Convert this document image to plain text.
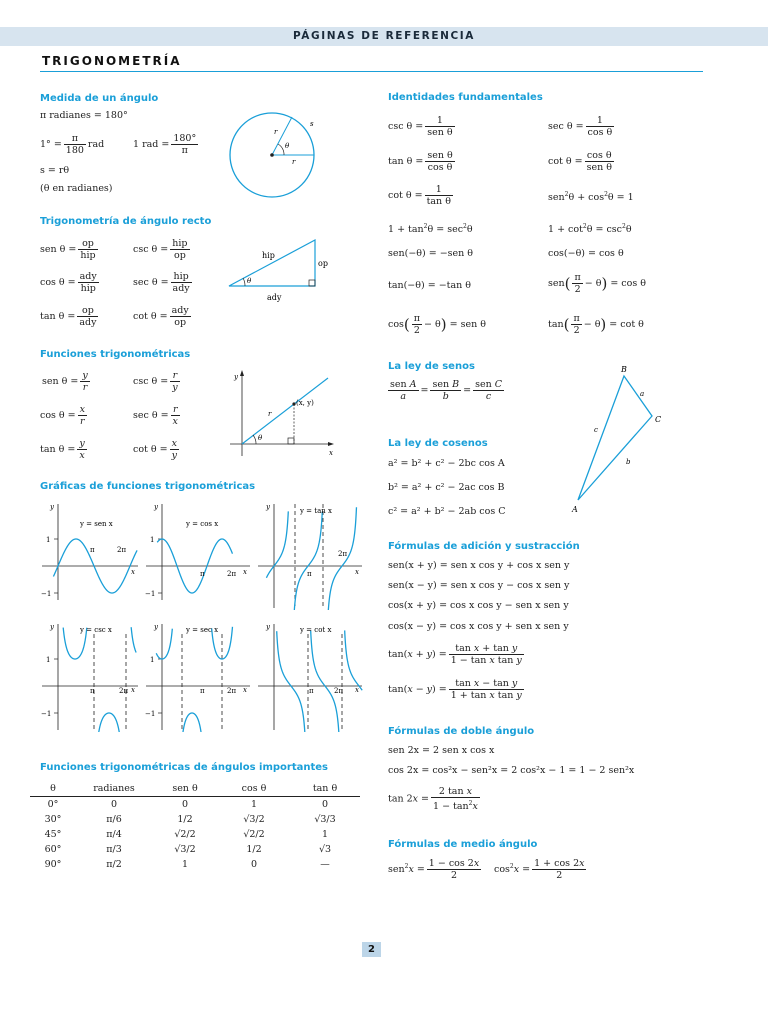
PÁGINAS DE REFERENCIA
TRIGONOMETRÍA
Medida de un ángulo
π radianes = 180°
$1^\circ = \frac{\pi}{180}$ rad	1 rad = $\frac{180^\circ}{\pi}$
s = rθ
(θ en radianes)
θ
r
r
s
Trigonometría de ángulo recto
sen $\theta = \frac{op}{\text{hip}}$	$\csc \theta = \frac{\text{hip}}{op}$
$\cos \theta = \frac{\text{ady}}{\text{hip}}$	$\sec \theta = \frac{\text{hip}}{\text{ady}}$
$\tan \theta = \frac{op}{\text{ady}}$	$\cot \theta = \frac{\text{ady}}{op}$
θ
hip
op
ady
Funciones trigonométricas
sen $\theta = \frac{y}{r}$	$\csc \theta = \frac{r}{y}$
$\cos \theta = \frac{x}{r}$	$\sec \theta = \frac{r}{x}$
$\tan \theta = \frac{y}{x}$	$\cot \theta = \frac{x}{y}$	θ
r
(x, y)
y
x
Gráficas de funciones trigonométricas
y
x
1
−1
π	2π
y = sen x
y
x
1
−1
π	2π
y = cos x
y
x
π
2π
y = tan x
y
x
1
−1
π	2π
y = csc x	y
x
1
−1
π	2π
y = sec x	y
x
π	2π
y = cot x
Funciones trigonométricas de ángulos importantes
θ	radianes	sen θ	cos θ	tan θ
0°	0	0	1	0
30°	π/6	1/2	√3/2	√3/3
45°	π/4	√2/2	√2/2	1
60°	π/3	√3/2	1/2	√3
90°	π/2	1	0	—
Identidades fundamentales
$\csc \theta = \frac{1}{\text{sen θ}}$	$\sec \theta = \frac{1}{\text{cos θ}}$
$\tan \theta = \frac{\text{sen θ}}{\text{cos θ}}$	$\cot \theta = \frac{\text{cos θ}}{\text{sen θ}}$
$\cot \theta = \frac{1}{\text{tan θ}}$	$sen^2\theta + \cos^2\theta = 1$
$1 + \tan^2\theta = \sec^2\theta$	$1 + \cot^2\theta = \csc^2\theta$
sen(−θ) = −sen θ	cos(−θ) = cos θ
tan(−θ) = −tan θ	$sen( \frac{\pi}{2} - \theta) = \cos \theta$
$\cos( \frac{\pi}{2} - \theta)$ = sen θ	$\tan( \frac{\pi}{2} - \theta) = \cot \theta$
La ley de senos
$\frac{\text{sen A}}{a} = \frac{\text{sen B}}{b} = \frac{\text{sen C}}{c}$
B
C
A
a
c
b
La ley de cosenos
a² = b² + c² − 2bc cos A
b² = a² + c² − 2ac cos B
c² = a² + b² − 2ab cos C
Fórmulas de adición y sustracción
sen(x + y) = sen x cos y + cos x sen y
sen(x − y) = sen x cos y − cos x sen y
cos(x + y) = cos x cos y − sen x sen y
cos(x − y) = cos x cos y + sen x sen y
$\tan(x + y) = \frac{\text{tan x + tan y}}{\text{1 − tan x tan y}}$
$\tan(x - y) = \frac{\text{tan x − tan y}}{\text{1 + tan x tan y}}$
Fórmulas de doble ángulo
sen 2x = 2 sen x cos x
cos 2x = cos²x − sen²x = 2 cos²x − 1 = 1 − 2 sen²x
$\tan 2x = \frac{\text{2 tan x}}{1 - \tan^2x}$
Fórmulas de medio ángulo
$sen^2x = \frac{1 - \cos 2x}{2} \cos^2x = \frac{1 + \cos 2x}{2}$
2
